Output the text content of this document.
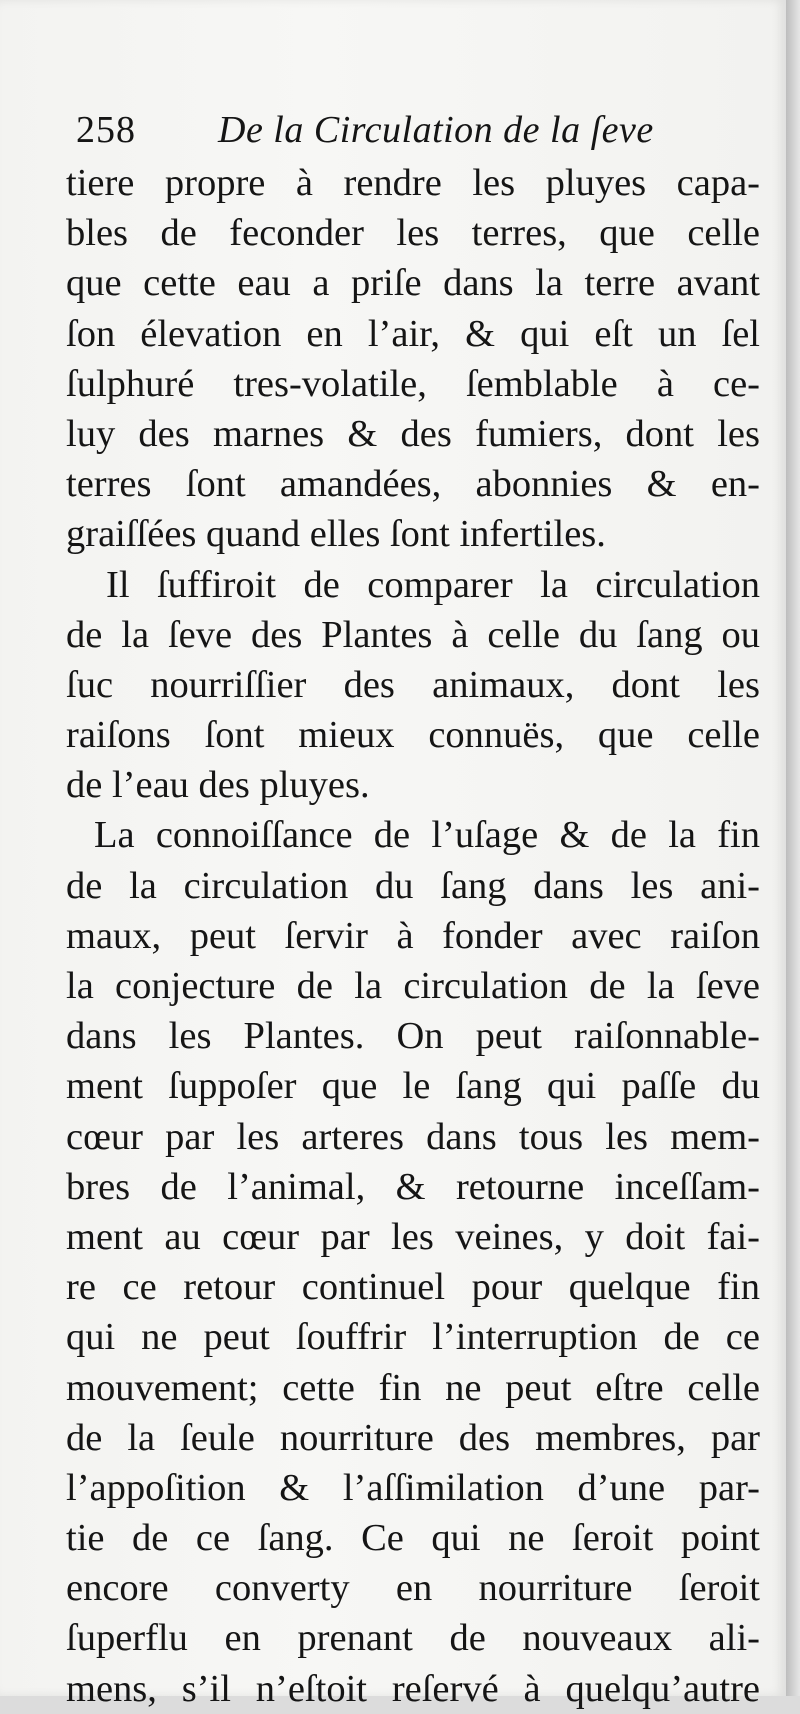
258 De la Circulation de la ſeve
tiere propre à rendre les pluyes capa-
bles de feconder les terres, que celle
que cette eau a priſe dans la terre avant
ſon élevation en l’air, & qui eſt un ſel
ſulphuré tres-volatile, ſemblable à ce-
luy des marnes & des fumiers, dont les
terres ſont amandées, abonnies & en-
graiſſées quand elles ſont infertiles.
Il ſuffiroit de comparer la circulation
de la ſeve des Plantes à celle du ſang ou
ſuc nourriſſier des animaux, dont les
raiſons ſont mieux connuës, que celle
de l’eau des pluyes.
La connoiſſance de l’uſage & de la fin
de la circulation du ſang dans les ani-
maux, peut ſervir à fonder avec raiſon
la conjecture de la circulation de la ſeve
dans les Plantes. On peut raiſonnable-
ment ſuppoſer que le ſang qui paſſe du
cœur par les arteres dans tous les mem-
bres de l’animal, & retourne inceſſam-
ment au cœur par les veines, y doit fai-
re ce retour continuel pour quelque fin
qui ne peut ſouffrir l’interruption de ce
mouvement; cette fin ne peut eſtre celle
de la ſeule nourriture des membres, par
l’appoſition & l’aſſimilation d’une par-
tie de ce ſang. Ce qui ne ſeroit point
encore converty en nourriture ſeroit
ſuperflu en prenant de nouveaux ali-
mens, s’il n’eſtoit reſervé à quelqu’autre
